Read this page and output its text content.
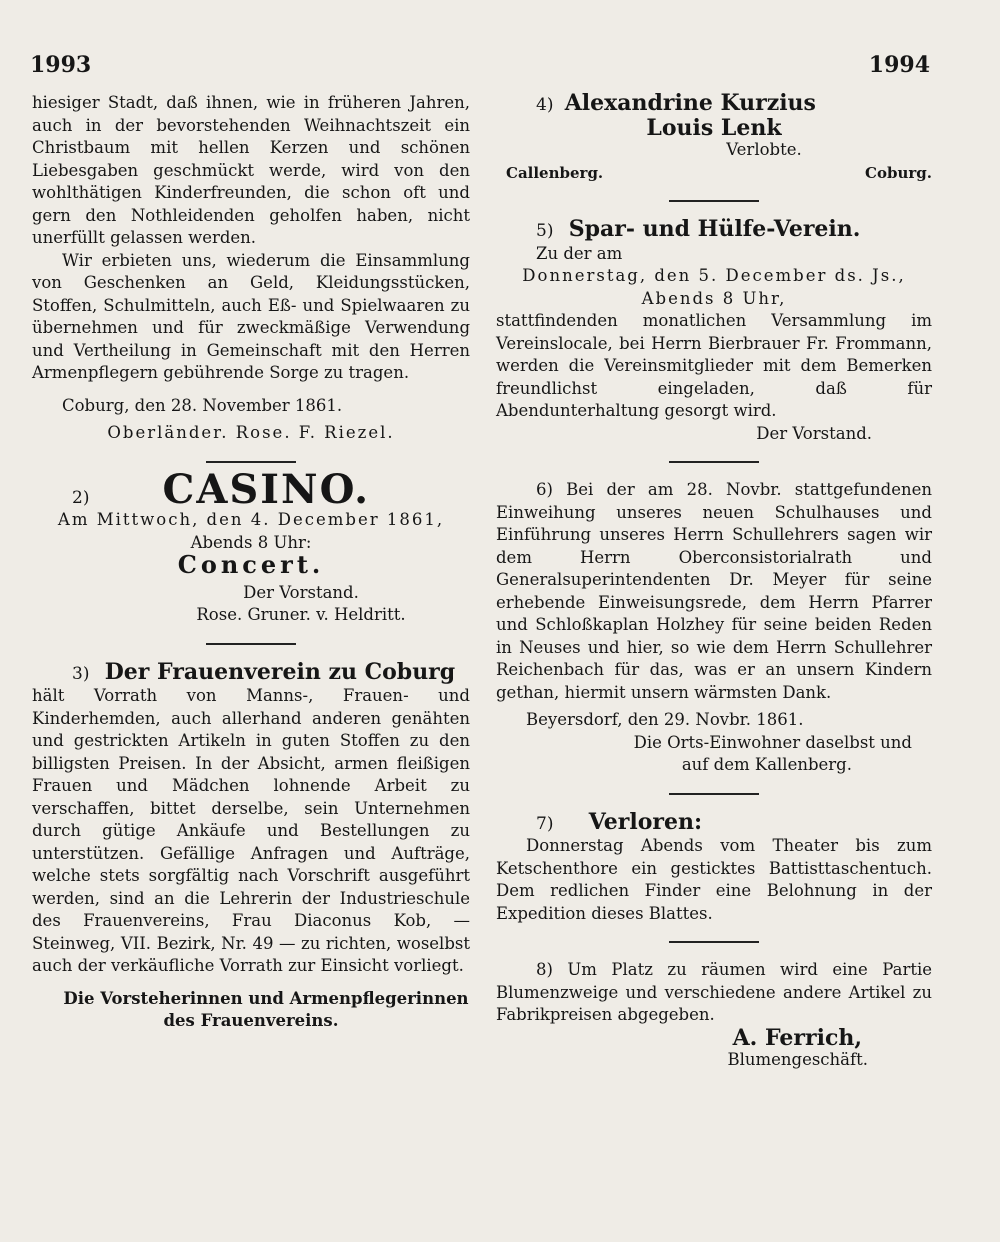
1993	1994

hiesiger Stadt, daß ihnen, wie in früheren Jahren, auch in der bevorstehenden Weihnachtszeit ein Christbaum mit hellen Kerzen und schönen Liebesgaben geschmückt werde, wird von den wohlthätigen Kinderfreunden, die schon oft und gern den Nothleidenden geholfen haben, nicht unerfüllt gelassen werden.

Wir erbieten uns, wiederum die Einsammlung von Geschenken an Geld, Kleidungsstücken, Stoffen, Schulmitteln, auch Eß- und Spielwaaren zu übernehmen und für zweckmäßige Verwendung und Vertheilung in Gemeinschaft mit den Herren Armenpflegern gebührende Sorge zu tragen.

Coburg, den 28. November 1861.

Oberländer. Rose. F. Riezel.

2) CASINO.

Am Mittwoch, den 4. December 1861,

Abends 8 Uhr:

Concert.

Der Vorstand.

Rose. Gruner. v. Heldritt.

3) Der Frauenverein zu Coburg

hält Vorrath von Manns-, Frauen- und Kinderhemden, auch allerhand anderen genähten und gestrickten Artikeln in guten Stoffen zu den billigsten Preisen. In der Absicht, armen fleißigen Frauen und Mädchen lohnende Arbeit zu verschaffen, bittet derselbe, sein Unternehmen durch gütige Ankäufe und Bestellungen zu unterstützen. Gefällige Anfragen und Aufträge, welche stets sorgfältig nach Vorschrift ausgeführt werden, sind an die Lehrerin der Industrieschule des Frauenvereins, Frau Diaconus Kob, — Steinweg, VII. Bezirk, Nr. 49 — zu richten, woselbst auch der verkäufliche Vorrath zur Einsicht vorliegt.

Die Vorsteherinnen und Armenpflegerinnen

des Frauenvereins.

4) Alexandrine Kurzius

Louis Lenk

Verlobte.

Callenberg.	Coburg.
5) Spar- und Hülfe-Verein.

Zu der am

Donnerstag, den 5. December ds. Js.,

Abends 8 Uhr,

stattfindenden monatlichen Versammlung im Vereinslocale, bei Herrn Bierbrauer Fr. Frommann, werden die Vereinsmitglieder mit dem Bemerken freundlichst eingeladen, daß für Abendunterhaltung gesorgt wird.

Der Vorstand.

6) Bei der am 28. Novbr. stattgefundenen Einweihung unseres neuen Schulhauses und Einführung unseres Herrn Schullehrers sagen wir dem Herrn Oberconsistorialrath und Generalsuperintendenten Dr. Meyer für seine erhebende Einweisungsrede, dem Herrn Pfarrer und Schloßkaplan Holzhey für seine beiden Reden in Neuses und hier, so wie dem Herrn Schullehrer Reichenbach für das, was er an unsern Kindern gethan, hiermit unsern wärmsten Dank.

Beyersdorf, den 29. Novbr. 1861.

Die Orts-Einwohner daselbst und

auf dem Kallenberg.

7) Verloren:

Donnerstag Abends vom Theater bis zum Ketschenthore ein gesticktes Battisttaschentuch. Dem redlichen Finder eine Belohnung in der Expedition dieses Blattes.

8) Um Platz zu räumen wird eine Partie Blumenzweige und verschiedene andere Artikel zu Fabrikpreisen abgegeben.

A. Ferrich,

Blumengeschäft.
